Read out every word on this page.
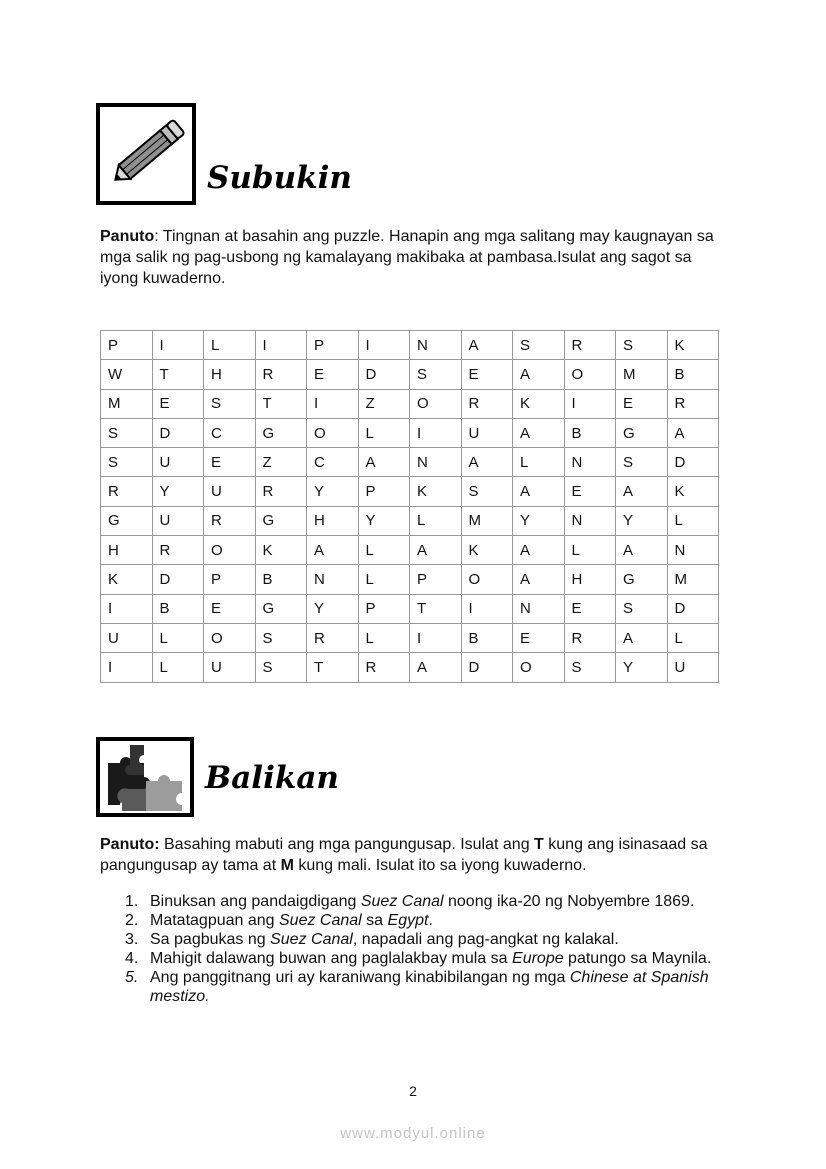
Subukin

Panuto: Tingnan at basahin ang puzzle. Hanapin ang mga salitang may kaugnayan sa mga salik ng pag-usbong ng kamalayang makibaka at pambasa.Isulat ang sagot sa iyong kuwaderno.

P	I	L	I	P	I	N	A	S	R	S	K
W	T	H	R	E	D	S	E	A	O	M	B
M	E	S	T	I	Z	O	R	K	I	E	R
S	D	C	G	O	L	I	U	A	B	G	A
S	U	E	Z	C	A	N	A	L	N	S	D
R	Y	U	R	Y	P	K	S	A	E	A	K
G	U	R	G	H	Y	L	M	Y	N	Y	L
H	R	O	K	A	L	A	K	A	L	A	N
K	D	P	B	N	L	P	O	A	H	G	M
I	B	E	G	Y	P	T	I	N	E	S	D
U	L	O	S	R	L	I	B	E	R	A	L
I	L	U	S	T	R	A	D	O	S	Y	U
Balikan

Panuto: Basahing mabuti ang mga pangungusap. Isulat ang T kung ang isinasaad sa pangungusap ay tama at M kung mali. Isulat ito sa iyong kuwaderno.

1. Binuksan ang pandaigdigang Suez Canal noong ika-20 ng Nobyembre 1869.
2. Matatagpuan ang Suez Canal sa Egypt.
3. Sa pagbukas ng Suez Canal, napadali ang pag-angkat ng kalakal.
4. Mahigit dalawang buwan ang paglalakbay mula sa Europe patungo sa Maynila.
5. Ang panggitnang uri ay karaniwang kinabibilangan ng mga Chinese at Spanish mestizo.
2
www.modyul.online
